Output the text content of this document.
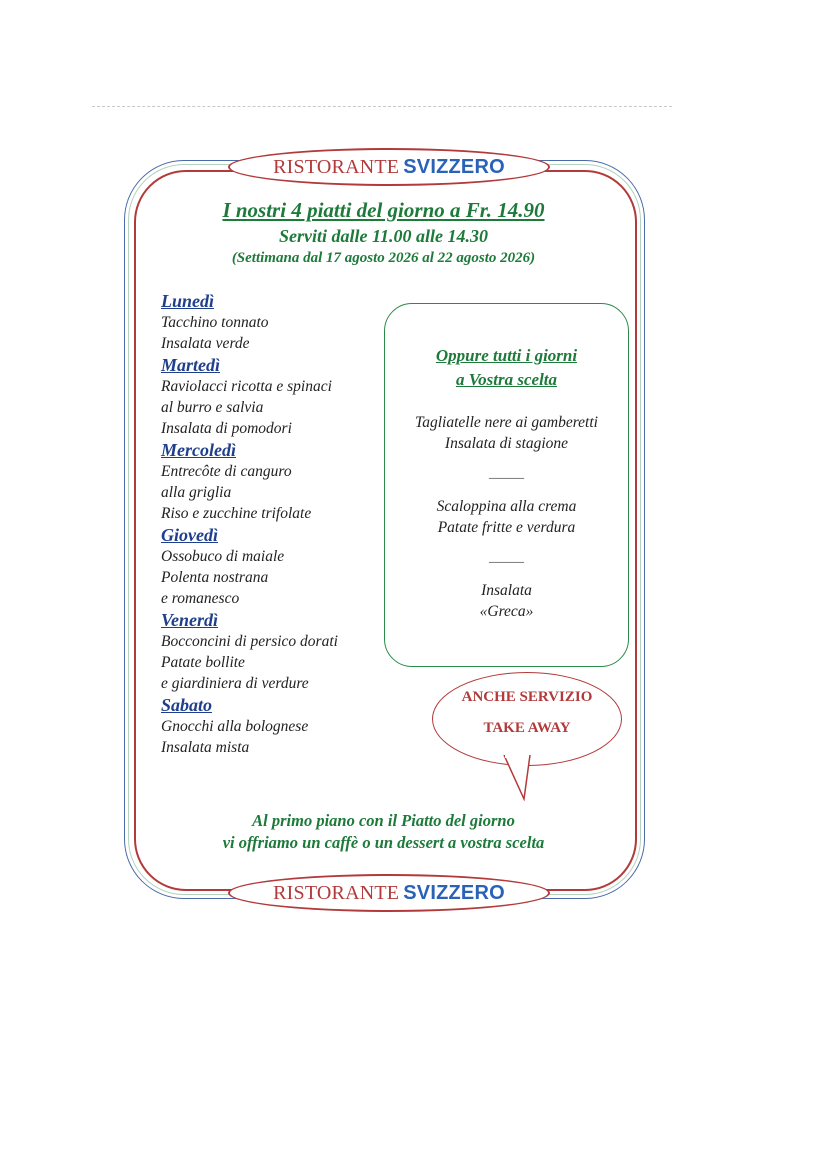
RISTORANTE SVIZZERO
I nostri 4 piatti del giorno a Fr. 14.90
Serviti dalle 11.00 alle 14.30
(Settimana dal 17 agosto 2026 al 22 agosto 2026)
Lunedì
Tacchino tonnato
Insalata verde
Martedì
Raviolacci ricotta e spinaci
al burro e salvia
Insalata di pomodori
Mercoledì
Entrecôte di canguro
alla griglia
Riso e zucchine trifolate
Giovedì
Ossobuco di maiale
Polenta nostrana
e romanesco
Venerdì
Bocconcini di persico dorati
Patate bollite
e giardiniera di verdure
Sabato
Gnocchi alla bolognese
Insalata mista
Oppure tutti i giorni
a Vostra scelta
Tagliatelle nere ai gamberetti
Insalata di stagione
_____
Scaloppina alla crema
Patate fritte e verdura
_____
Insalata
«Greca»
ANCHE SERVIZIO
TAKE AWAY
Al primo piano con il Piatto del giorno
vi offriamo un caffè o un dessert a vostra scelta
RISTORANTE SVIZZERO
